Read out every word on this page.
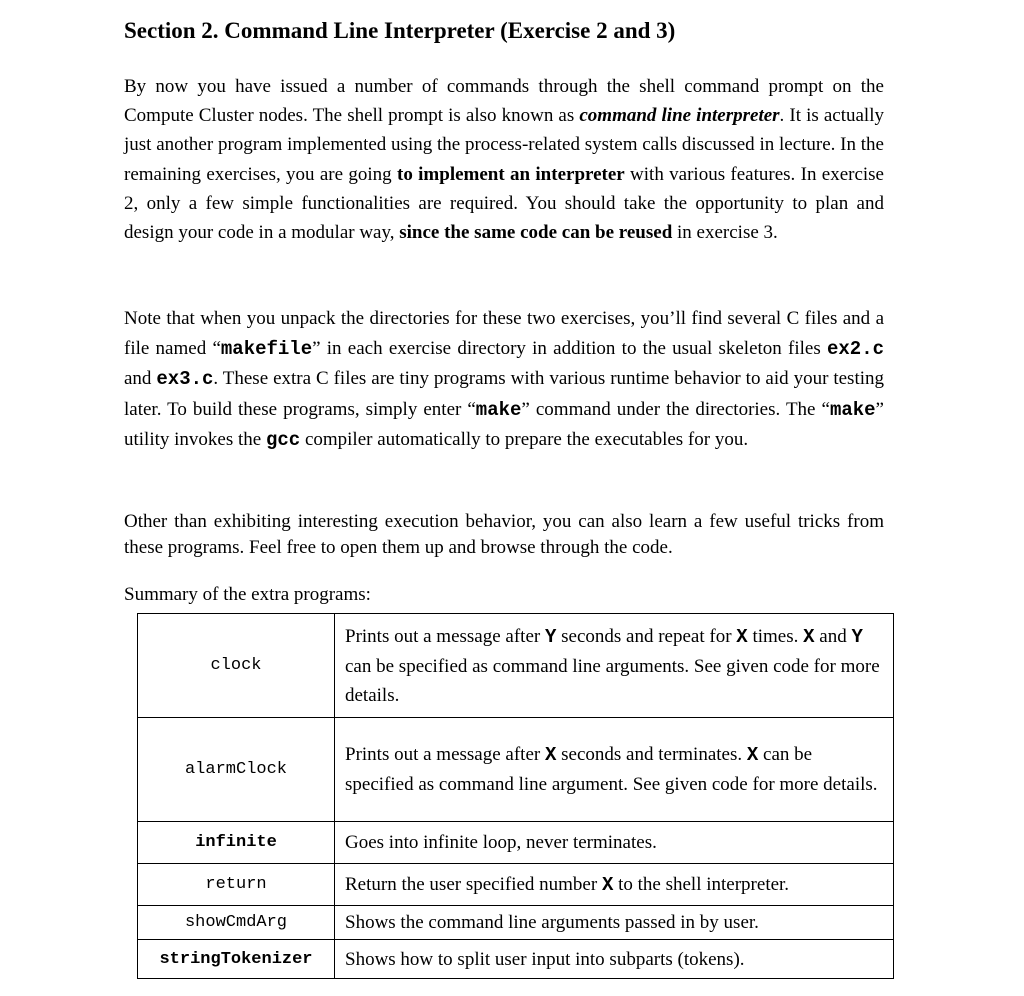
Section 2. Command Line Interpreter (Exercise 2 and 3)

By now you have issued a number of commands through the shell command prompt on the Compute Cluster nodes. The shell prompt is also known as command line interpreter. It is actually just another program implemented using the process-related system calls discussed in lecture. In the remaining exercises, you are going to implement an interpreter with various features. In exercise 2, only a few simple functionalities are required. You should take the opportunity to plan and design your code in a modular way, since the same code can be reused in exercise 3.

Note that when you unpack the directories for these two exercises, you’ll find several C files and a file named “makefile” in each exercise directory in addition to the usual skeleton files ex2.c and ex3.c. These extra C files are tiny programs with various runtime behavior to aid your testing later. To build these programs, simply enter “make” command under the directories. The “make” utility invokes the gcc compiler automatically to prepare the executables for you.

Other than exhibiting interesting execution behavior, you can also learn a few useful tricks from these programs. Feel free to open them up and browse through the code.

Summary of the extra programs:

clock	Prints out a message after Y seconds and repeat for X times. X and Y can be specified as command line arguments. See given code for more details.
alarmClock	Prints out a message after X seconds and terminates. X can be specified as command line argument. See given code for more details.
infinite	Goes into infinite loop, never terminates.
return	Return the user specified number X to the shell interpreter.
showCmdArg	Shows the command line arguments passed in by user.
stringTokenizer	Shows how to split user input into subparts (tokens).
